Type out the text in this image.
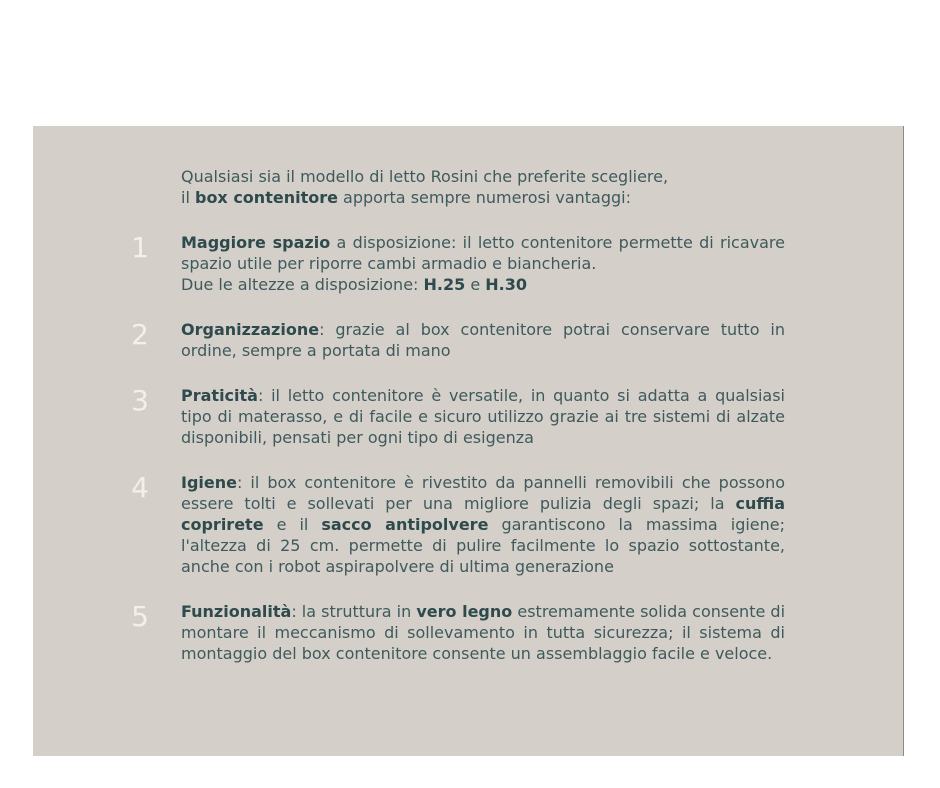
Qualsiasi sia il modello di letto Rosini che preferite scegliere,
il box contenitore apporta sempre numerosi vantaggi:

1	Maggiore spazio a disposizione: il letto contenitore permette di ricavare spazio utile per riporre cambi armadio e biancheria.
Due le altezze a disposizione: H.25 e H.30
2	Organizzazione: grazie al box contenitore potrai conservare tutto in ordine, sempre a portata di mano
3	Praticità: il letto contenitore è versatile, in quanto si adatta a qualsiasi tipo di materasso, e di facile e sicuro utilizzo grazie ai tre sistemi di alzate disponibili, pensati per ogni tipo di esigenza
4	Igiene: il box contenitore è rivestito da pannelli removibili che possono essere tolti e sollevati per una migliore pulizia degli spazi; la cuffia coprirete e il sacco antipolvere garantiscono la massima igiene; l'altezza di 25 cm. permette di pulire facilmente lo spazio sottostante, anche con i robot aspirapolvere di ultima generazione
5	Funzionalità: la struttura in vero legno estremamente solida consente di montare il meccanismo di sollevamento in tutta sicurezza; il sistema di montaggio del box contenitore consente un assemblaggio facile e veloce.
